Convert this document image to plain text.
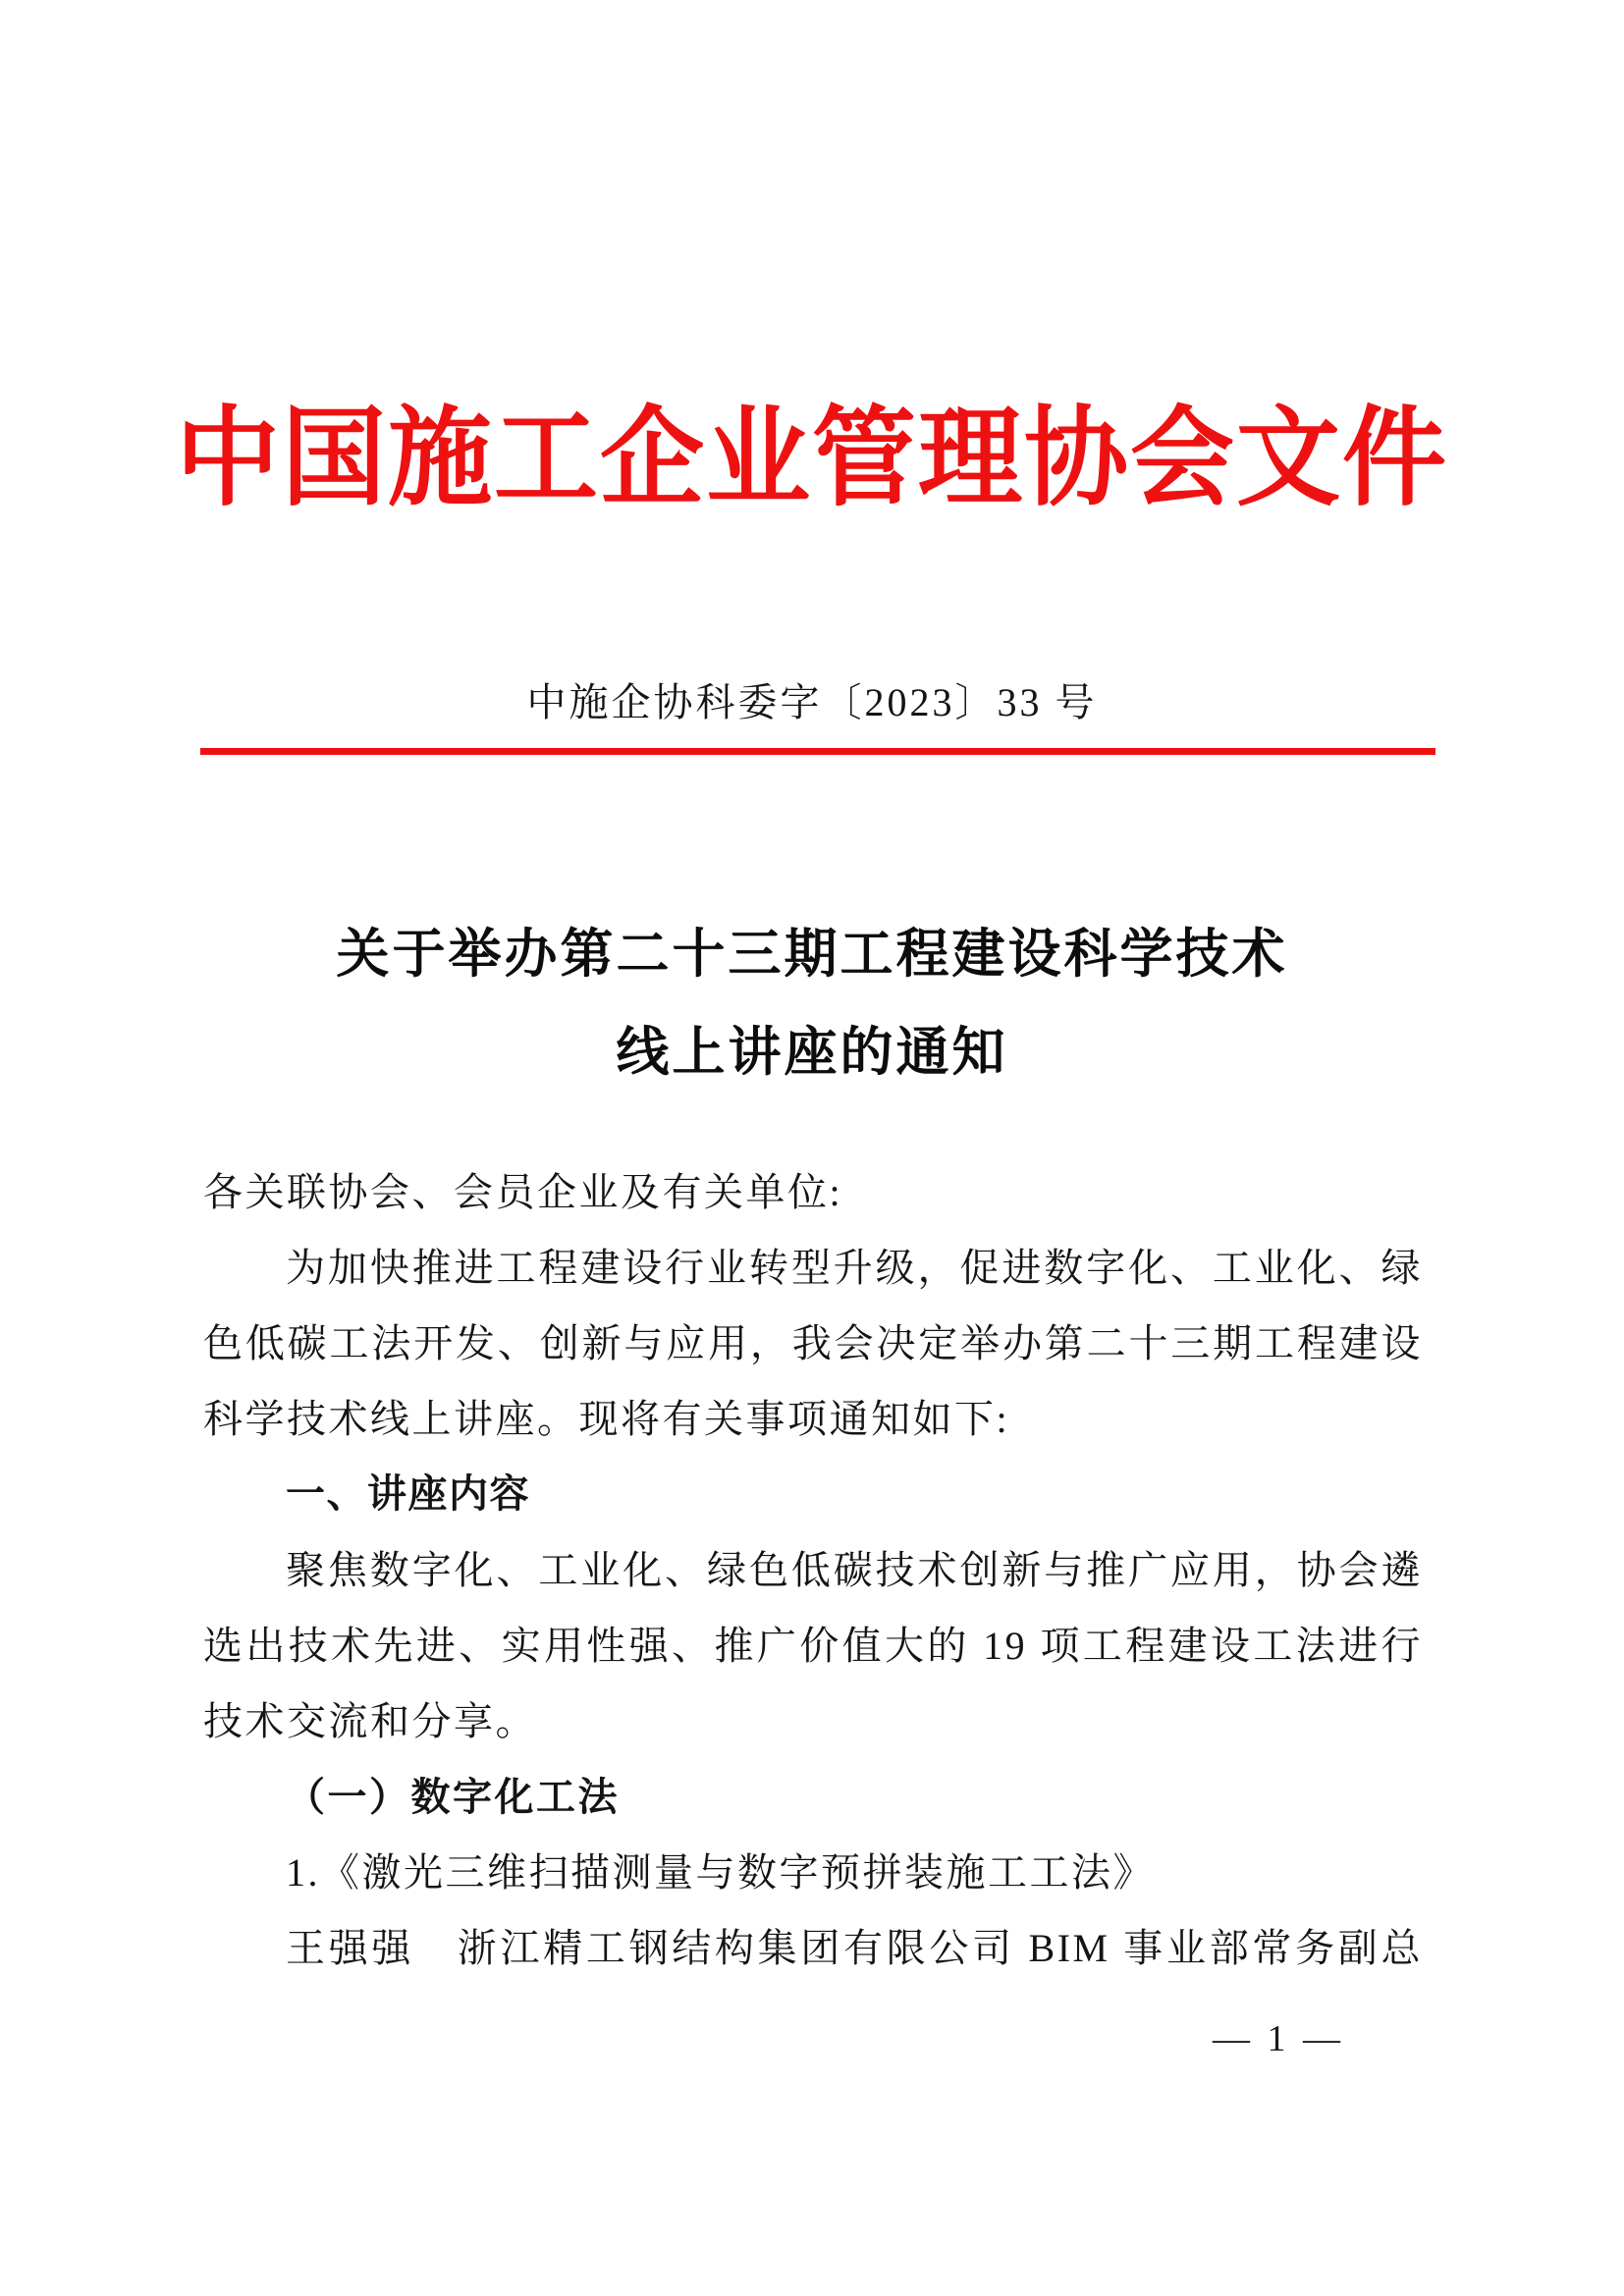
中国施工企业管理协会文件
中施企协科委字〔2023〕33 号
关于举办第二十三期工程建设科学技术
线上讲座的通知

各关联协会、会员企业及有关单位:

为加快推进工程建设行业转型升级，促进数字化、工业化、绿色低碳工法开发、创新与应用，我会决定举办第二十三期工程建设科学技术线上讲座。现将有关事项通知如下:

一、讲座内容

聚焦数字化、工业化、绿色低碳技术创新与推广应用，协会遴选出技术先进、实用性强、推广价值大的 19 项工程建设工法进行技术交流和分享。

（一）数字化工法

1.《激光三维扫描测量与数字预拼装施工工法》

王强强　浙江精工钢结构集团有限公司 BIM 事业部常务副总

— 1 —
